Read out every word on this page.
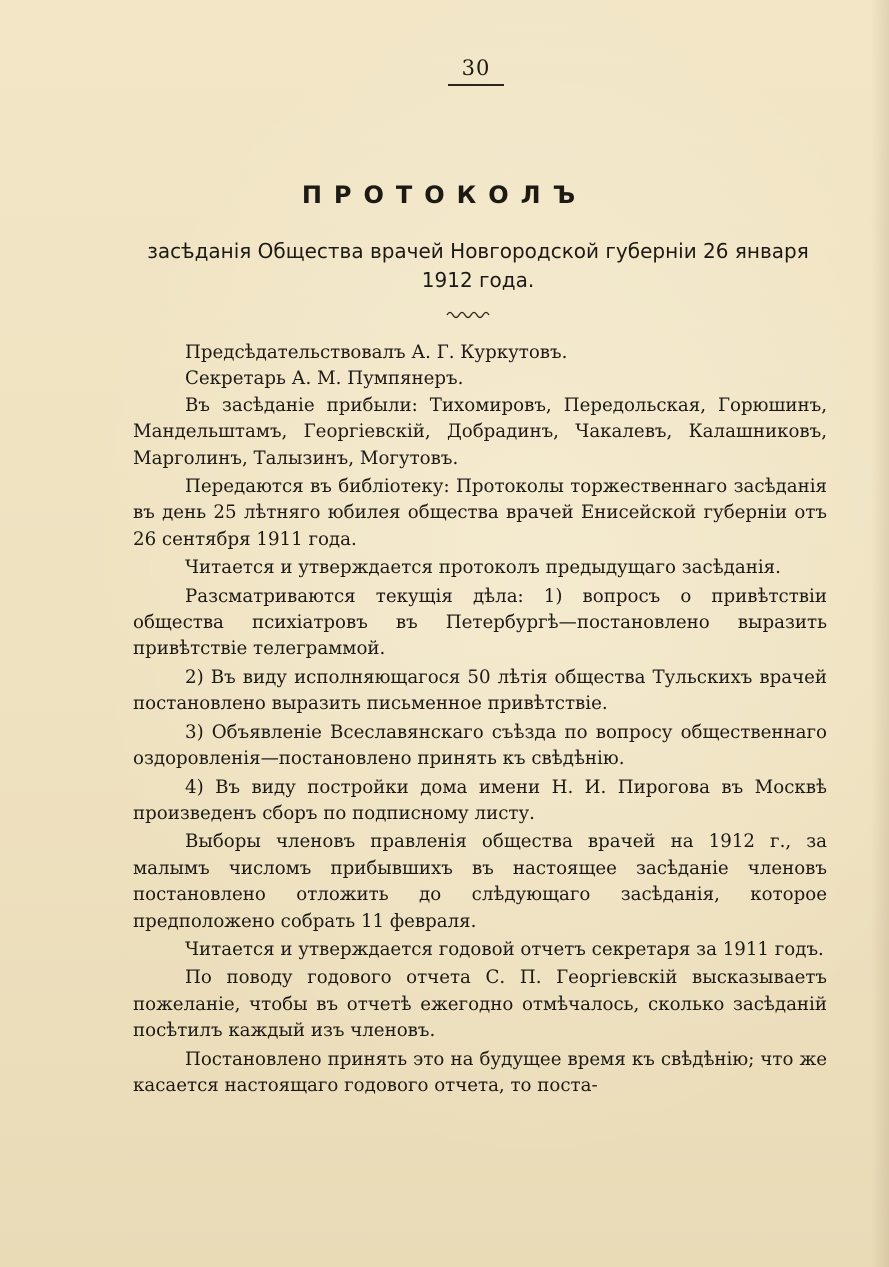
30
ПРОТОКОЛЪ
засѣданія Общества врачей Новгородской губерніи 26 января 1912 года.

Предсѣдательствовалъ А. Г. Куркутовъ.

Секретарь А. М. Пумпянеръ.

Въ засѣданіе прибыли: Тихомировъ, Передольская, Горюшинъ, Мандельштамъ, Георгіевскій, Добрадинъ, Чакалевъ, Калашниковъ, Марголинъ, Талызинъ, Могутовъ.

Передаются въ библіотеку: Протоколы торжественнаго засѣданія въ день 25 лѣтняго юбилея общества врачей Енисейской губерніи отъ 26 сентября 1911 года.

Читается и утверждается протоколъ предыдущаго засѣданія.

Разсматриваются текущія дѣла: 1) вопросъ о привѣтствіи общества психіатровъ въ Петербургѣ—постановлено выразить привѣтствіе телеграммой.

2) Въ виду исполняющагося 50 лѣтія общества Тульскихъ врачей постановлено выразить письменное привѣтствіе.

3) Объявленіе Всеславянскаго съѣзда по вопросу общественнаго оздоровленія—постановлено принять къ свѣдѣнію.

4) Въ виду постройки дома имени Н. И. Пирогова въ Москвѣ произведенъ сборъ по подписному листу.

Выборы членовъ правленія общества врачей на 1912 г., за малымъ числомъ прибывшихъ въ настоящее засѣданіе членовъ постановлено отложить до слѣдующаго засѣданія, которое предположено собрать 11 февраля.

Читается и утверждается годовой отчетъ секретаря за 1911 годъ.

По поводу годового отчета С. П. Георгіевскій высказываетъ пожеланіе, чтобы въ отчетѣ ежегодно отмѣчалось, сколько засѣданій посѣтилъ каждый изъ членовъ.

Постановлено принять это на будущее время къ свѣдѣнію; что же касается настоящаго годового отчета, то поста-
